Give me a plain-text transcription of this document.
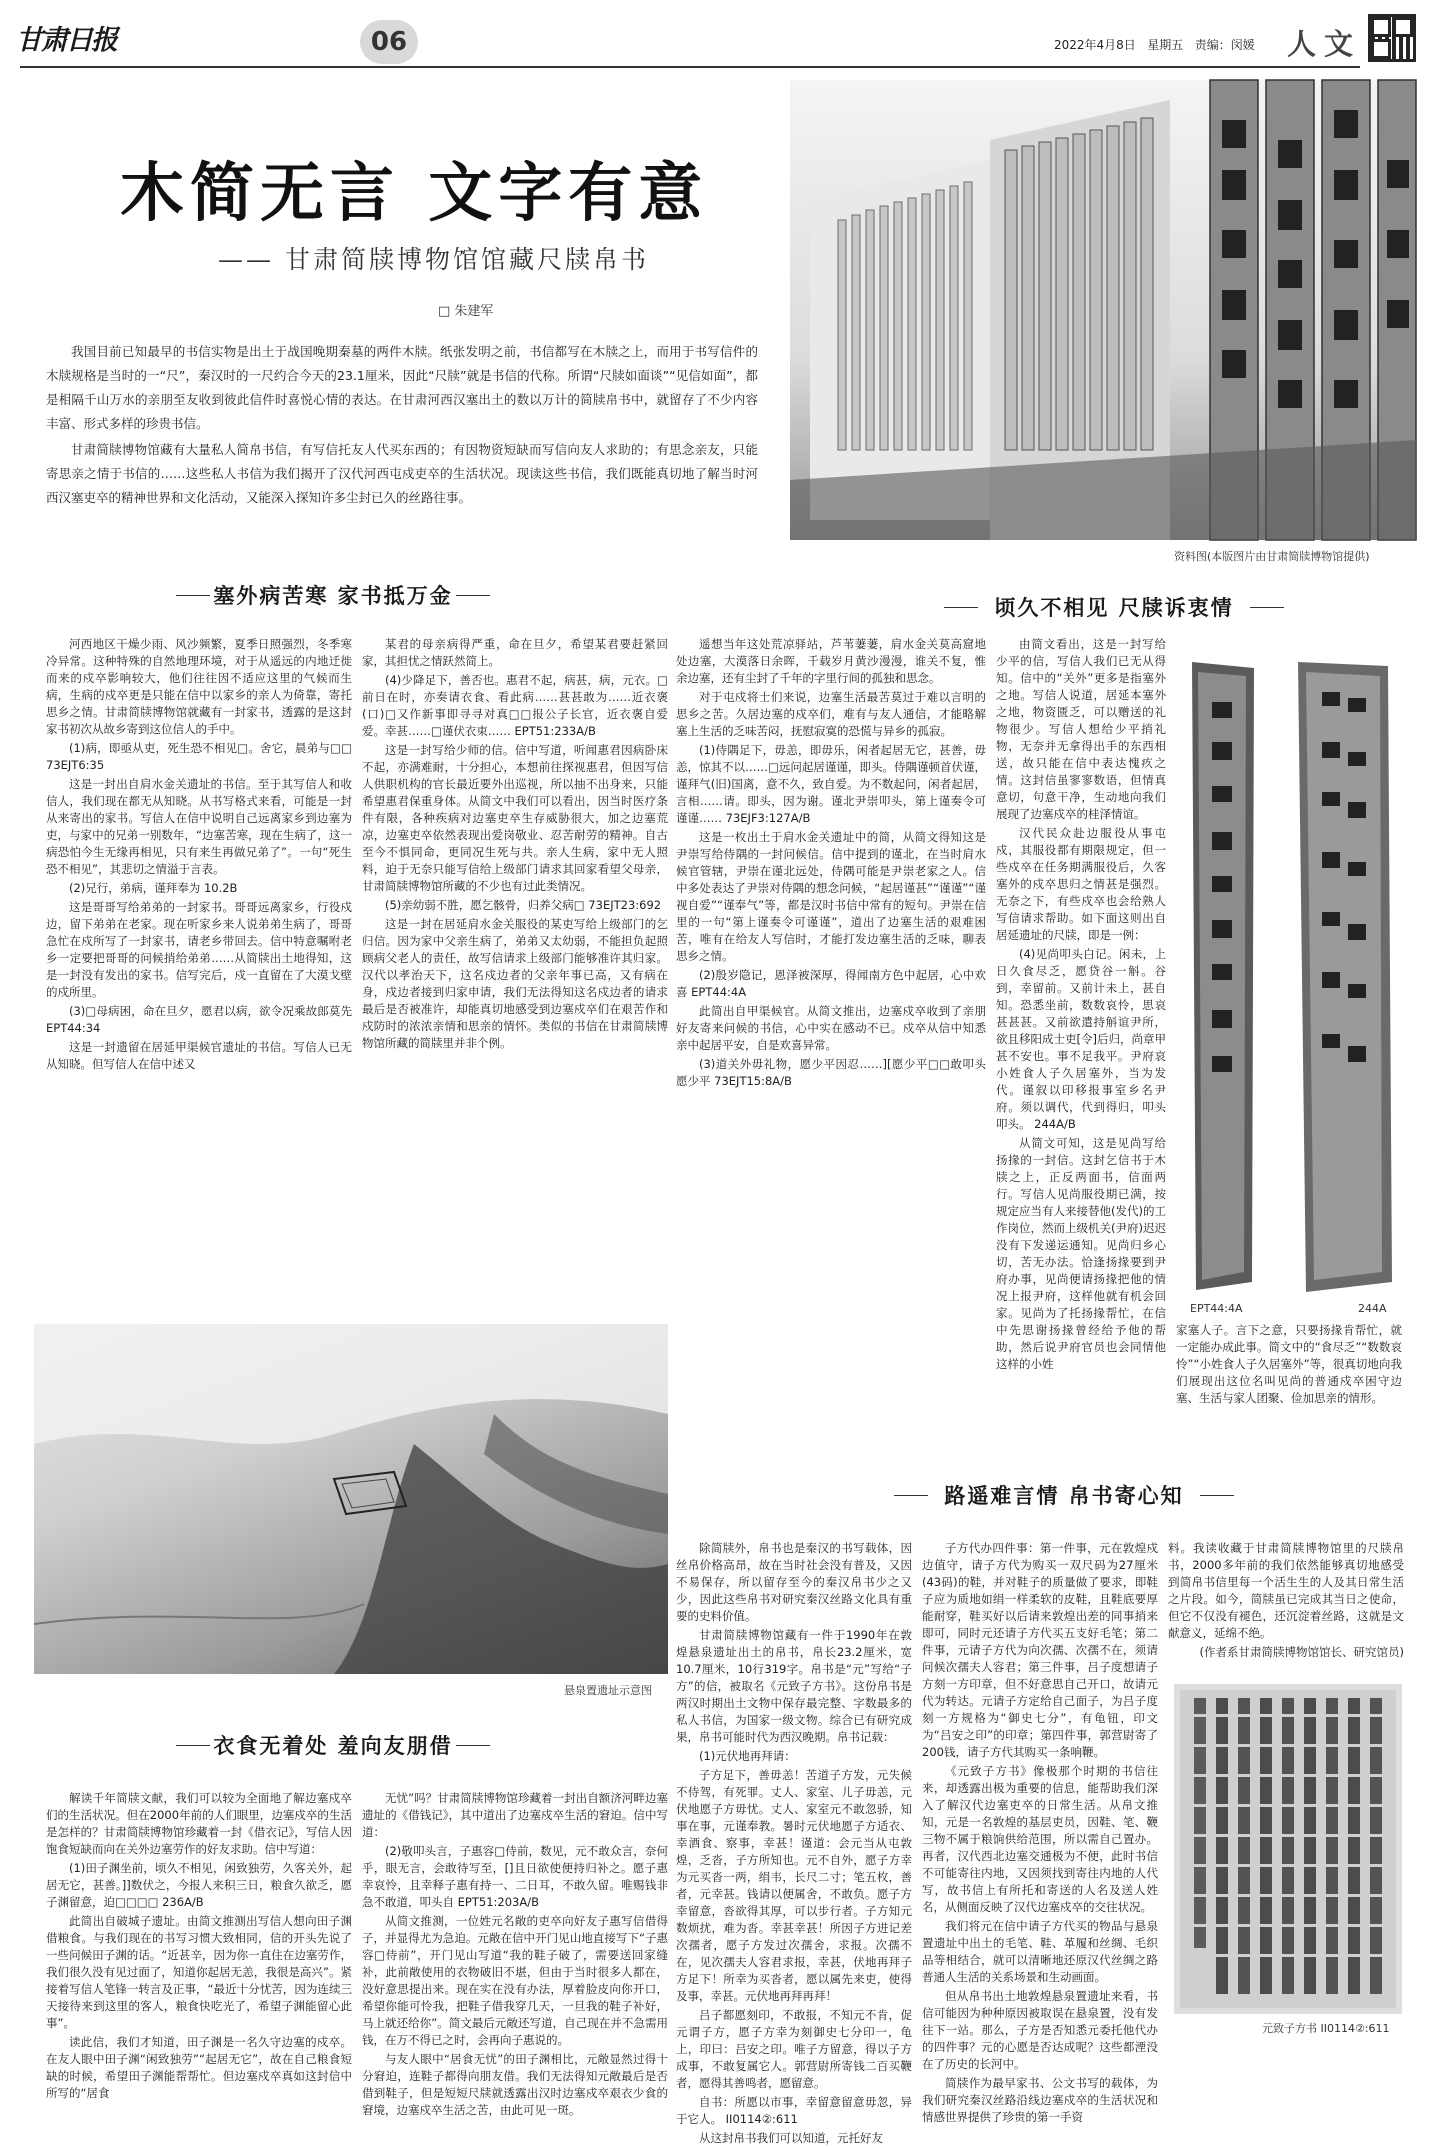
甘肃日报	06	2022年4月8日 星期五 责编：闵媛 人文
木简无言 文字有意
—— 甘肃简牍博物馆馆藏尺牍帛书
□ 朱建军

我国目前已知最早的书信实物是出土于战国晚期秦墓的两件木牍。纸张发明之前，书信都写在木牍之上，而用于书写信件的木牍规格是当时的一“尺”，秦汉时的一尺约合今天的23.1厘米，因此“尺牍”就是书信的代称。所谓“尺牍如面谈”“见信如面”，都是相隔千山万水的亲朋至友收到彼此信件时喜悦心情的表达。在甘肃河西汉塞出土的数以万计的简牍帛书中，就留存了不少内容丰富、形式多样的珍贵书信。

甘肃简牍博物馆藏有大量私人简帛书信，有写信托友人代买东西的；有因物资短缺而写信向友人求助的；有思念亲友，只能寄思亲之情于书信的……这些私人书信为我们揭开了汉代河西屯戍吏卒的生活状况。现读这些书信，我们既能真切地了解当时河西汉塞吏卒的精神世界和文化活动，又能深入探知许多尘封已久的丝路往事。

资料图(本版图片由甘肃简牍博物馆提供)
塞外病苦寒 家书抵万金

河西地区干燥少雨、风沙频繁，夏季日照强烈，冬季寒冷异常。这种特殊的自然地理环境，对于从遥远的内地迁徙而来的戍卒影响较大，他们往往因不适应这里的气候而生病，生病的戍卒更是只能在信中以家乡的亲人为倚靠，寄托思乡之情。甘肃简牍博物馆就藏有一封家书，透露的是这封家书初次从故乡寄到这位信人的手中。

(1)病，即亟从吏，死生恐不相见□。舍它，晨弟与□□ 73EJT6:35

这是一封出自肩水金关遗址的书信。至于其写信人和收信人，我们现在都无从知晓。从书写格式来看，可能是一封从来寄出的家书。写信人在信中说明自己远离家乡到边塞为吏，与家中的兄弟一别数年，“边塞苦寒，现在生病了，这一病恐怕今生无缘再相见，只有来生再做兄弟了”。一句“死生恐不相见”，其悲切之情溢于言表。

(2)兄行，弟病，谨拜奉为 10.2B

这是哥哥写给弟弟的一封家书。哥哥远离家乡，行役戍边，留下弟弟在老家。现在听家乡来人说弟弟生病了，哥哥急忙在戍所写了一封家书，请老乡带回去。信中特意嘱咐老乡一定要把哥哥的问候捎给弟弟……从简牍出土地得知，这是一封没有发出的家书。信写完后，戍一直留在了大漠戈壁的戍所里。

(3)□母病困，命在旦夕，愿君以病，欲令况乘故郎莫先 EPT44:34

这是一封遗留在居延甲渠候官遗址的书信。写信人已无从知晓。但写信人在信中述又

某君的母亲病得严重，命在旦夕，希望某君要赶紧回家，其担忧之情跃然简上。

(4)少降足下，善否也。惠君不起，病甚，病，元衣。□前日在时，亦奏请衣食、看此病……甚甚敢为……近衣褒(口)□又作新事即寻寻对真□□报公子长官，近衣褒自爱爱。幸甚……□谨伏衣束…… EPT51:233A/B

这是一封写给少师的信。信中写道，听闻惠君因病卧床不起，亦满难耐，十分担心，本想前往探视惠君，但因写信人供职机构的官长最近要外出巡视，所以抽不出身来，只能希望惠君保重身体。从简文中我们可以看出，因当时医疗条件有限，各种疾病对边塞吏卒生存威胁很大，加之边塞荒凉，边塞吏卒依然表现出爱岗敬业、忍苦耐劳的精神。自古至今不惧同命，更同况生死与共。亲人生病，家中无人照料，迫于无奈只能写信给上级部门请求其回家看望父母亲，甘肃简牍博物馆所藏的不少也有过此类情况。

(5)亲幼弱不胜，愿乞骸骨，归养父病□ 73EJT23:692

这是一封在居延肩水金关服役的某吏写给上级部门的乞归信。因为家中父亲生病了，弟弟又太幼弱，不能担负起照顾病父老人的责任，故写信请求上级部门能够准许其归家。汉代以孝治天下，这名戍边者的父亲年事已高，又有病在身，戍边者接到归家申请，我们无法得知这名戍边者的请求最后是否被准许，却能真切地感受到边塞戍卒们在艰苦作和戍防时的浓浓亲情和思亲的情怀。类似的书信在甘肃简牍博物馆所藏的简牍里并非个例。

悬泉置遗址示意图
衣食无着处 羞向友朋借

解读千年简牍文献，我们可以较为全面地了解边塞戍卒们的生活状况。但在2000年前的人们眼里，边塞戍卒的生活是怎样的？甘肃简牍博物馆珍藏着一封《借衣记》，写信人因饱食短缺而向在关外边塞劳作的好友求助。信中写道：

(1)田子渊坐前，顷久不相见，闲致独劳，久客关外，起居无它，甚善。]]数伏之，今报人来积三日，粮食久欲乏，愿子渊留意，迫□□□□ 236A/B

此简出自破城子遗址。由简文推测出写信人想向田子渊借粮食。与我们现在的书写习惯大致相同，信的开头先说了一些问候田子渊的话。“近甚辛，因为你一直住在边塞劳作，我们很久没有见过面了，知道你起居无恙，我很是高兴”。紧接着写信人笔锋一转言及正事，“最近十分忧苦，因为连续三天接待来到这里的客人，粮食快吃光了，希望子渊能留心此事”。

读此信，我们才知道，田子渊是一名久守边塞的戍卒。在友人眼中田子渊“闲致独劳”“起居无它”，故在自己粮食短缺的时候，希望田子渊能帮帮忙。但边塞戍卒真如这封信中所写的“居食

无忧”吗？甘肃简牍博物馆珍藏着一封出自额济河畔边塞遗址的《借钱记》，其中道出了边塞戍卒生活的窘迫。信中写道：

(2)敬叩头言，子惠容□侍前，数见，元不敢众言，奈何乎，眼无言，会敢待写至，[]且日欲使便持归补之。愿子惠幸哀怜，且幸释子惠有持一、二日耳，不敢久留。唯赐钱非急不敢道，叩头自 EPT51:203A/B

从简文推测，一位姓元名敞的吏卒向好友子惠写信借得子，并显得尤为急迫。元敞在信中开门见山地直接写下“子惠容□侍前”，开门见山写道“我的鞋子破了，需要送回家缝补，此前敞使用的衣物破旧不堪，但由于当时很多人都在，没好意思提出来。现在实在没有办法，厚着脸皮向你开口，希望你能可怜我，把鞋子借我穿几天，一旦我的鞋子补好，马上就还给你”。简文最后元敞还写道，自己现在并不急需用钱，在万不得已之时，会再向子惠说的。

与友人眼中“居食无忧”的田子渊相比，元敞显然过得十分窘迫，连鞋子都得向朋友借。我们无法得知元敞最后是否借到鞋子，但是短短尺牍就透露出汉时边塞戍卒艰衣少食的窘境，边塞戍卒生活之苦，由此可见一斑。

顷久不相见 尺牍诉衷情

遥想当年这处荒凉驿站，芦苇萋萋，肩水金关莫高窟地处边塞，大漠落日余晖，千载岁月黄沙漫漫，谁关不复，惟余边塞，还有尘封了千年的字里行间的孤独和思念。

对于屯戍将士们来说，边塞生活最苦莫过于难以言明的思乡之苦。久居边塞的戍卒们，难有与友人通信，才能略解塞上生活的乏味苦闷，抚慰寂寞的恐慌与异乡的孤寂。

(1)侍隅足下，毋恙，即毋乐，闲者起居无它，甚善，毋恙，惊其不以……□远问起居谨谨，即头。侍隅谨顿首伏谨，谨拜气(旧)国离，意不久，致自爱。为不数起问，闲者起居，言相……请。即头，因为谢。谨北尹崇叩头，第上谨奏令可谨谨…… 73EJF3:127A/B

这是一枚出土于肩水金关遗址中的简，从简文得知这是尹崇写给侍隅的一封问候信。信中提到的谨北，在当时肩水候官管辖，尹崇在谨北远处，侍隅可能是尹崇老家之人。信中多处表达了尹崇对侍隅的想念问候，“起居谨甚”“谨谨”“谨视自爱”“谨奉气”等，都是汉时书信中常有的短句。尹崇在信里的一句“第上谨奏令可谨谨”，道出了边塞生活的艰难困苦，唯有在给友人写信时，才能打发边塞生活的乏味，聊表思乡之情。

(2)殷岁隐记，恩泽被深厚，得闻南方色中起居，心中欢喜 EPT44:4A

此简出自甲渠候官。从简文推出，边塞戍卒收到了亲朋好友寄来问候的书信，心中实在感动不已。戍卒从信中知悉亲中起居平安，自是欢喜异常。

(3)道关外毋礼物，愿少平因忍……][愿少平□□敢叩头愿少平 73EJT15:8A/B

由简文看出，这是一封写给少平的信，写信人我们已无从得知。信中的“关外”更多是指塞外之地。写信人说道，居延本塞外之地，物资匮乏，可以赠送的礼物很少。写信人想给少平捎礼物，无奈并无拿得出手的东西相送，故只能在信中表达愧疚之情。这封信虽寥寥数语，但情真意切，句意干净，生动地向我们展现了边塞戍卒的桂泽情谊。

汉代民众赴边服役从事屯戍，其服役都有期限规定，但一些戍卒在任务期满服役后，久客塞外的戍卒思归之情甚是强烈。无奈之下，有些戍卒也会给熟人写信请求帮助。如下面这则出自居延遗址的尺牍，即是一例：

(4)见尚叩头白记。闲未，上日久食尽乏，愿贷谷一斛。谷到，幸留前。又前计未上，甚自知。恐悉坐前，数数哀怜，思哀甚甚甚。又前欲遣持斛谊尹所，欲且移阳成士吏[令]后归，尚章甲甚不安也。事不足我平。尹府哀小姓食人子久居塞外，当为发代。谨叙以印移报事室乡名尹府。须以调代，代到得归，叩头叩头。 244A/B

从简文可知，这是见尚写给扬掾的一封信。这封乞信书于木牍之上，正反两面书，信面两行。写信人见尚服役期已满，按规定应当有人来接替他(发代)的工作岗位，然而上级机关(尹府)迟迟没有下发递运通知。见尚归乡心切，苦无办法。恰逢扬掾要到尹府办事，见尚便请扬掾把他的情况上报尹府，这样他就有机会回家。见尚为了托扬掾帮忙，在信中先思谢扬掾曾经给予他的帮助，然后说尹府官员也会同情他这样的小姓

EPT44:4A	244A

家塞人子。言下之意，只要扬掾肯帮忙，就一定能办成此事。简文中的“食尽乏”“数数哀怜”“小姓食人子久居塞外”等，很真切地向我们展现出这位名叫见尚的普通戍卒困守边塞、生活与家人团聚、俭加思亲的情形。

路遥难言情 帛书寄心知

除简牍外，帛书也是秦汉的书写载体，因丝帛价格高昂，故在当时社会没有普及，又因不易保存，所以留存至今的秦汉帛书少之又少，因此这些帛书对研究秦汉丝路文化具有重要的史料价值。

甘肃简牍博物馆藏有一件于1990年在敦煌悬泉遗址出土的帛书，帛长23.2厘米，宽10.7厘米，10行319字。帛书是“元”写给“子方”的信，被取名《元致子方书》。这份帛书是两汉时期出土文物中保存最完整、字数最多的私人书信，为国家一级文物。综合已有研究成果，帛书可能时代为西汉晚期。帛书记载：

(1)元伏地再拜请：

子方足下，善毋恙！苦道子方发，元失候不侍驾，有死罪。丈人、家室、儿子毋恙，元伏地愿子方毋忧。丈人、家室元不敢忽骄，知事在事，元谨奉教。暑时元伏地愿子方适衣、幸酒食、察事，幸甚！谨道：会元当从屯敦煌，乏沓，子方所知也。元不自外，愿子方幸为元买沓一两，绢韦，长尺二寸；笔五枚，善者，元幸甚。钱请以便属舍，不敢负。愿子方幸留意，沓欲得其厚，可以步行者。子方知元数烦扰，难为沓。幸甚幸甚！所因子方进记差次孺者，愿子方发过次孺舍，求报。次孺不在，见次孺夫人容君求报，幸甚，伏地再拜子方足下！所幸为买沓者，愿以属先来吏，使得及事，幸甚。元伏地再拜再拜！

吕子都愿刻印，不敢报，不知元不肯，促元谓子方，愿子方幸为刻御史七分印一，龟上，印曰：吕安之印。唯子方留意，得以子方成事，不敢复属它人。郭营尉所寄钱二百买鞭者，愿得其善鸣者，愿留意。

自书：所愿以市事，幸留意留意毋忽，异于它人。 II0114②:611

从这封帛书我们可以知道，元托好友

子方代办四件事：第一件事，元在敦煌戍边值守，请子方代为购买一双尺码为27厘米(43码)的鞋，并对鞋子的质量做了要求，即鞋子应为质地如绢一样柔软的皮鞋，且鞋底要厚能耐穿，鞋买好以后请来敦煌出差的同事捎来即可，同时元还请子方代买五支好毛笔；第二件事，元请子方代为向次孺、次孺不在，须请问候次孺夫人容君；第三件事，吕子度想请子方刻一方印章，但不好意思自己开口，故请元代为转达。元请子方定给自己面子，为吕子度刻一方规格为“御史七分”，有龟钮，印文为“吕安之印”的印章；第四件事，郭营尉寄了200钱，请子方代其购买一条响鞭。

《元致子方书》像极那个时期的书信往来，却透露出极为重要的信息，能帮助我们深入了解汉代边塞吏卒的日常生活。从帛文推知，元是一名敦煌的基层吏员，因鞋、笔、鞭三物不属于粮饷供给范围，所以需自己置办。再者，汉代西北边塞交通极为不便，此时书信不可能寄往内地，又因须找到寄往内地的人代写，故书信上有所托和寄送的人名及送人姓名，从侧面反映了汉代边塞戍卒的交往状况。

我们将元在信中请子方代买的物品与悬泉置遗址中出土的毛笔、鞋、革履和丝绸、毛织品等相结合，就可以清晰地还原汉代丝绸之路普通人生活的关系场景和生动画面。

但从帛书出土地敦煌悬泉置遗址来看，书信可能因为种种原因被取误在悬泉置，没有发往下一站。那么，子方是否知悉元委托他代办的四件事？元的心愿是否达成呢？这些都湮没在了历史的长河中。

简牍作为最早家书、公文书写的载体，为我们研究秦汉丝路沿线边塞戍卒的生活状况和情感世界提供了珍贵的第一手资

料。我读收藏于甘肃简牍博物馆里的尺牍帛书，2000多年前的我们依然能够真切地感受到简帛书信里每一个活生生的人及其日常生活之片段。如今，简牍虽已完成其当日之使命，但它不仅没有褪色，还沉淀着丝路，这就是文献意义，延绵不绝。

(作者系甘肃简牍博物馆馆长、研究馆员)

元致子方书 II0114②:611
